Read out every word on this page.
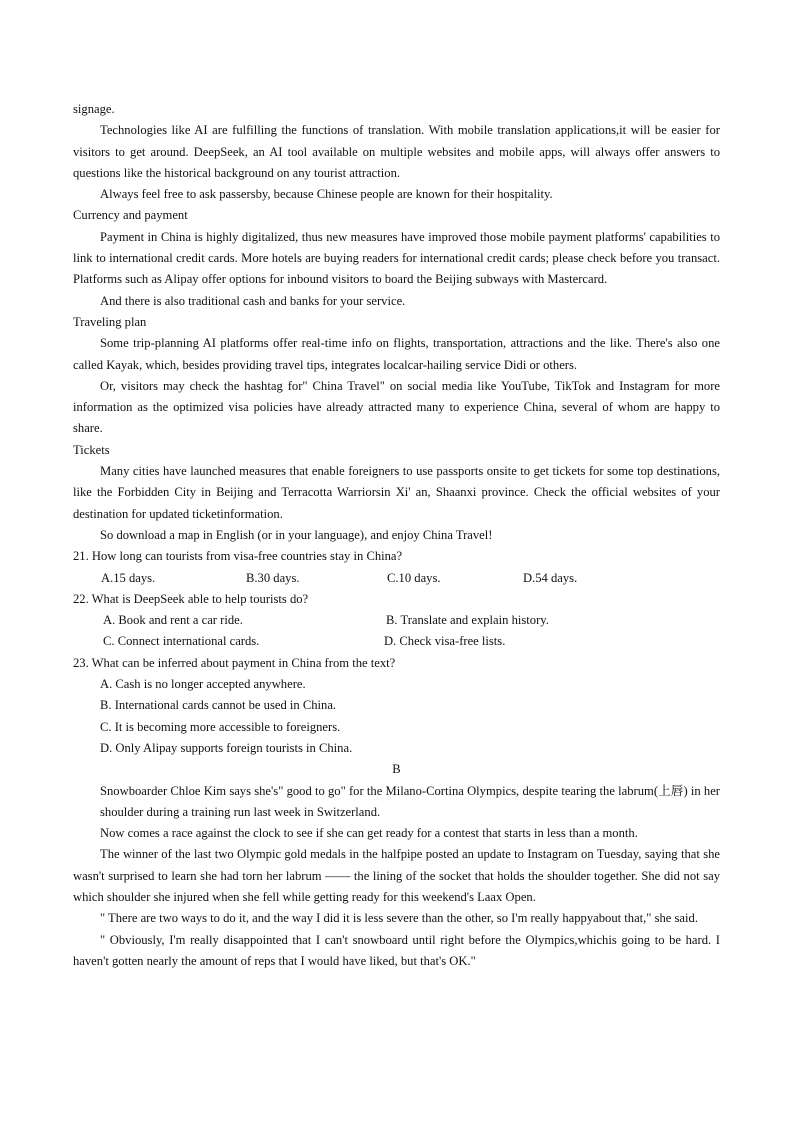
signage.

Technologies like AI are fulfilling the functions of translation. With mobile translation applications,it will be easier for visitors to get around. DeepSeek, an AI tool available on multiple websites and mobile apps, will always offer answers to questions like the historical background on any tourist attraction.

Always feel free to ask passersby, because Chinese people are known for their hospitality.

Currency and payment

Payment in China is highly digitalized, thus new measures have improved those mobile payment platforms' capabilities to link to international credit cards. More hotels are buying readers for international credit cards; please check before you transact. Platforms such as Alipay offer options for inbound visitors to board the Beijing subways with Mastercard.

And there is also traditional cash and banks for your service.

Traveling plan

Some trip-planning AI platforms offer real-time info on flights, transportation, attractions and the like. There's also one called Kayak, which, besides providing travel tips, integrates localcar-hailing service Didi or others.

Or, visitors may check the hashtag for" China Travel" on social media like YouTube, TikTok and Instagram for more information as the optimized visa policies have already attracted many to experience China, several of whom are happy to share.

Tickets

Many cities have launched measures that enable foreigners to use passports onsite to get tickets for some top destinations, like the Forbidden City in Beijing and Terracotta Warriorsin Xi' an, Shaanxi province. Check the official websites of your destination for updated ticketinformation.

So download a map in English (or in your language), and enjoy China Travel!

21. How long can tourists from visa-free countries stay in China?

A.15 days.	B.30 days.	C.10 days.	D.54 days.

22. What is DeepSeek able to help tourists do?

A. Book and rent a car ride.	B. Translate and explain history.
C. Connect international cards.	D. Check visa-free lists.

23. What can be inferred about payment in China from the text?

A. Cash is no longer accepted anywhere.

B. International cards cannot be used in China.

C. It is becoming more accessible to foreigners.

D. Only Alipay supports foreign tourists in China.

B

Snowboarder Chloe Kim says she's" good to go" for the Milano-Cortina Olympics, despite tearing the labrum(上唇) in her shoulder during a training run last week in Switzerland.

Now comes a race against the clock to see if she can get ready for a contest that starts in less than a month.

The winner of the last two Olympic gold medals in the halfpipe posted an update to Instagram on Tuesday, saying that she wasn't surprised to learn she had torn her labrum —— the lining of the socket that holds the shoulder together. She did not say which shoulder she injured when she fell while getting ready for this weekend's Laax Open.

" There are two ways to do it, and the way I did it is less severe than the other, so I'm really happyabout that," she said.

" Obviously, I'm really disappointed that I can't snowboard until right before the Olympics,whichis going to be hard. I haven't gotten nearly the amount of reps that I would have liked, but that's OK."
